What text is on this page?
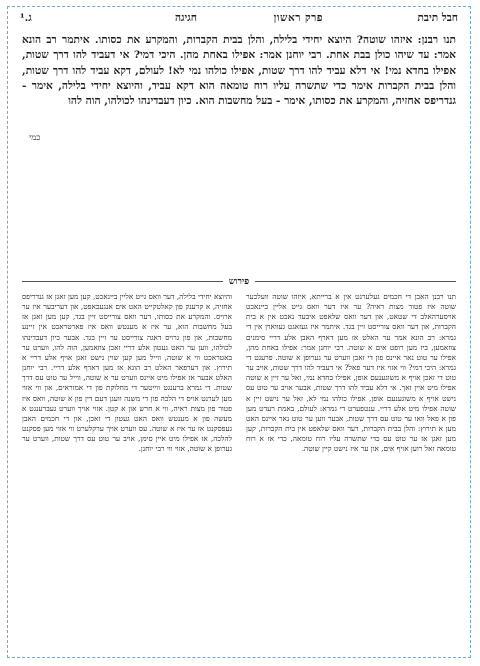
חבל תיבת
פרק ראשון
חגיגה
ג.¹
תנו רבנן: איזהו שוטה? היוצא יחידי בלילה, והלן בבית הקברות, והמקרע את כסותו. איתמר רב הונא אמר: עד שיהו כולן בבת אחת. רבי יוחנן אמר: אפילו באחת מהן. היכי דמי? אי דעביד להו דרך שטות, אפילו בחדא נמי! אי דלא עביד להו דרך שטות, אפילו כולהו נמי לא! לעולם, דקא עביד להו דרך שטות, והלן בבית הקברות אימר כדי שתשרה עליו רוח טומאה הוא דקא עביד, והיוצא יחידי בלילה, אימר - גנדריפס אחזיה, והמקרע את כסותו, אימר - בעל מחשבות הוא. כיון דעבדינהו לכולהו, הוה להו
כמי
פירוש
תנו רבנן האבן די חכמים געלערנט אין א ברייתא, איזהו שוטה וועלכער שוטה איז פטור מצות ראיה? ער איז דער וואס גייט אליין ביינאכט אויסערהאלב די שטאט, און דער וואס שלאפט איבער נאכט אין א בית הקברות, און דער וואס צורייסט זיין בגד. איתמר איז געזאגט געווארן אין די גמרא: רב הונא אמר ער האלט אז מען דארף האבן אלע דריי סימנים צוזאמען, ביז מען רופט אים א שוטה. רבי יוחנן אמר: אפילו באחת מהן, אפילו ער טוט נאר איינס פון די זאכן ווערט ער גערופן א שוטה. פרעגט די גמרא: היכי דמי? ווי אזוי איז דער פאל? אי דעביד להו דרך שטות, אויב ער טוט די זאכן אויף א משוגענעם אופן, אפילו בחדא נמי, זאל ער זיין א שוטה אפילו מיט איין זאך. אי דלא עביד להו דרך שטות, אבער אויב ער טוט עס נישט אויף א משוגענעם אופן, אפילו כולהו נמי לא, זאל ער נישט זיין א שוטה אפילו מיט אלע דריי. ענטפערט די גמרא: לעולם, באמת רעדט מען פון א פאל וואו ער טוט עס דרך שטות, אבער ווען ער טוט נאר איינס האט מען א תירוץ: והלן בבית הקברות, דער וואס שלאפט אין בית הקברות, קען מען זאגן אז ער טוט עס כדי שתשרה עליו רוח טומאה, כדי אז א רוח טומאה זאל רוען אויף אים, און ער איז נישט קיין שוטה.
והיוצא יחידי בלילה, דער וואס גייט אליין ביינאכט, קען מען זאגן אז גנדריפס אחזיה, א קרענק פון קאלטקייט האט אים אנגעכאפט, און דעריבער איז ער ארויס. והמקרע את כסותו, דער וואס צורייסט זיין בגד, קען מען זאגן אז בעל מחשבות הוא, ער איז א מענטש וואס איז פארטראכט אין זיינע מחשבות, און פון גרויס דאגה צורייסט ער זיין בגד. אבער כיון דעבדינהו לכולהו, ווען ער האט געטון אלע דריי זאכן צוזאמען, הוה להו, ווערט ער באטראכט ווי א שוטה, ווייל מען קען שוין נישט זאגן אויף אלע דריי א תירוץ. און דערפאר האלט רב הונא אז מען דארף אלע דריי. רבי יוחנן האלט אבער אז אפילו מיט איינס ווערט ער א שוטה, ווייל ער טוט עס דרך שטות. די גמרא ברענגט ווייטער די מחלוקת פון די אמוראים, און ווי אזוי מען לערנט אויס די הלכה פון די משנה וועגן דעם דין פון א שוטה, וואס איז פטור פון מצות ראיה, ווי א חרש און א קטן. אזוי אויך ווערט געברענגט א מעשה פון א מענטש וואס האט געטון די זאכן, און די חכמים האבן געפסקנט אז ער איז א שוטה. עס ווערט אויך ערקלערט ווי אזוי מען פסקנט להלכה, אז אפילו מיט איין סימן, אויב ער טוט עס דרך שטות, ווערט ער גערופן א שוטה, אזוי ווי רבי יוחנן.
